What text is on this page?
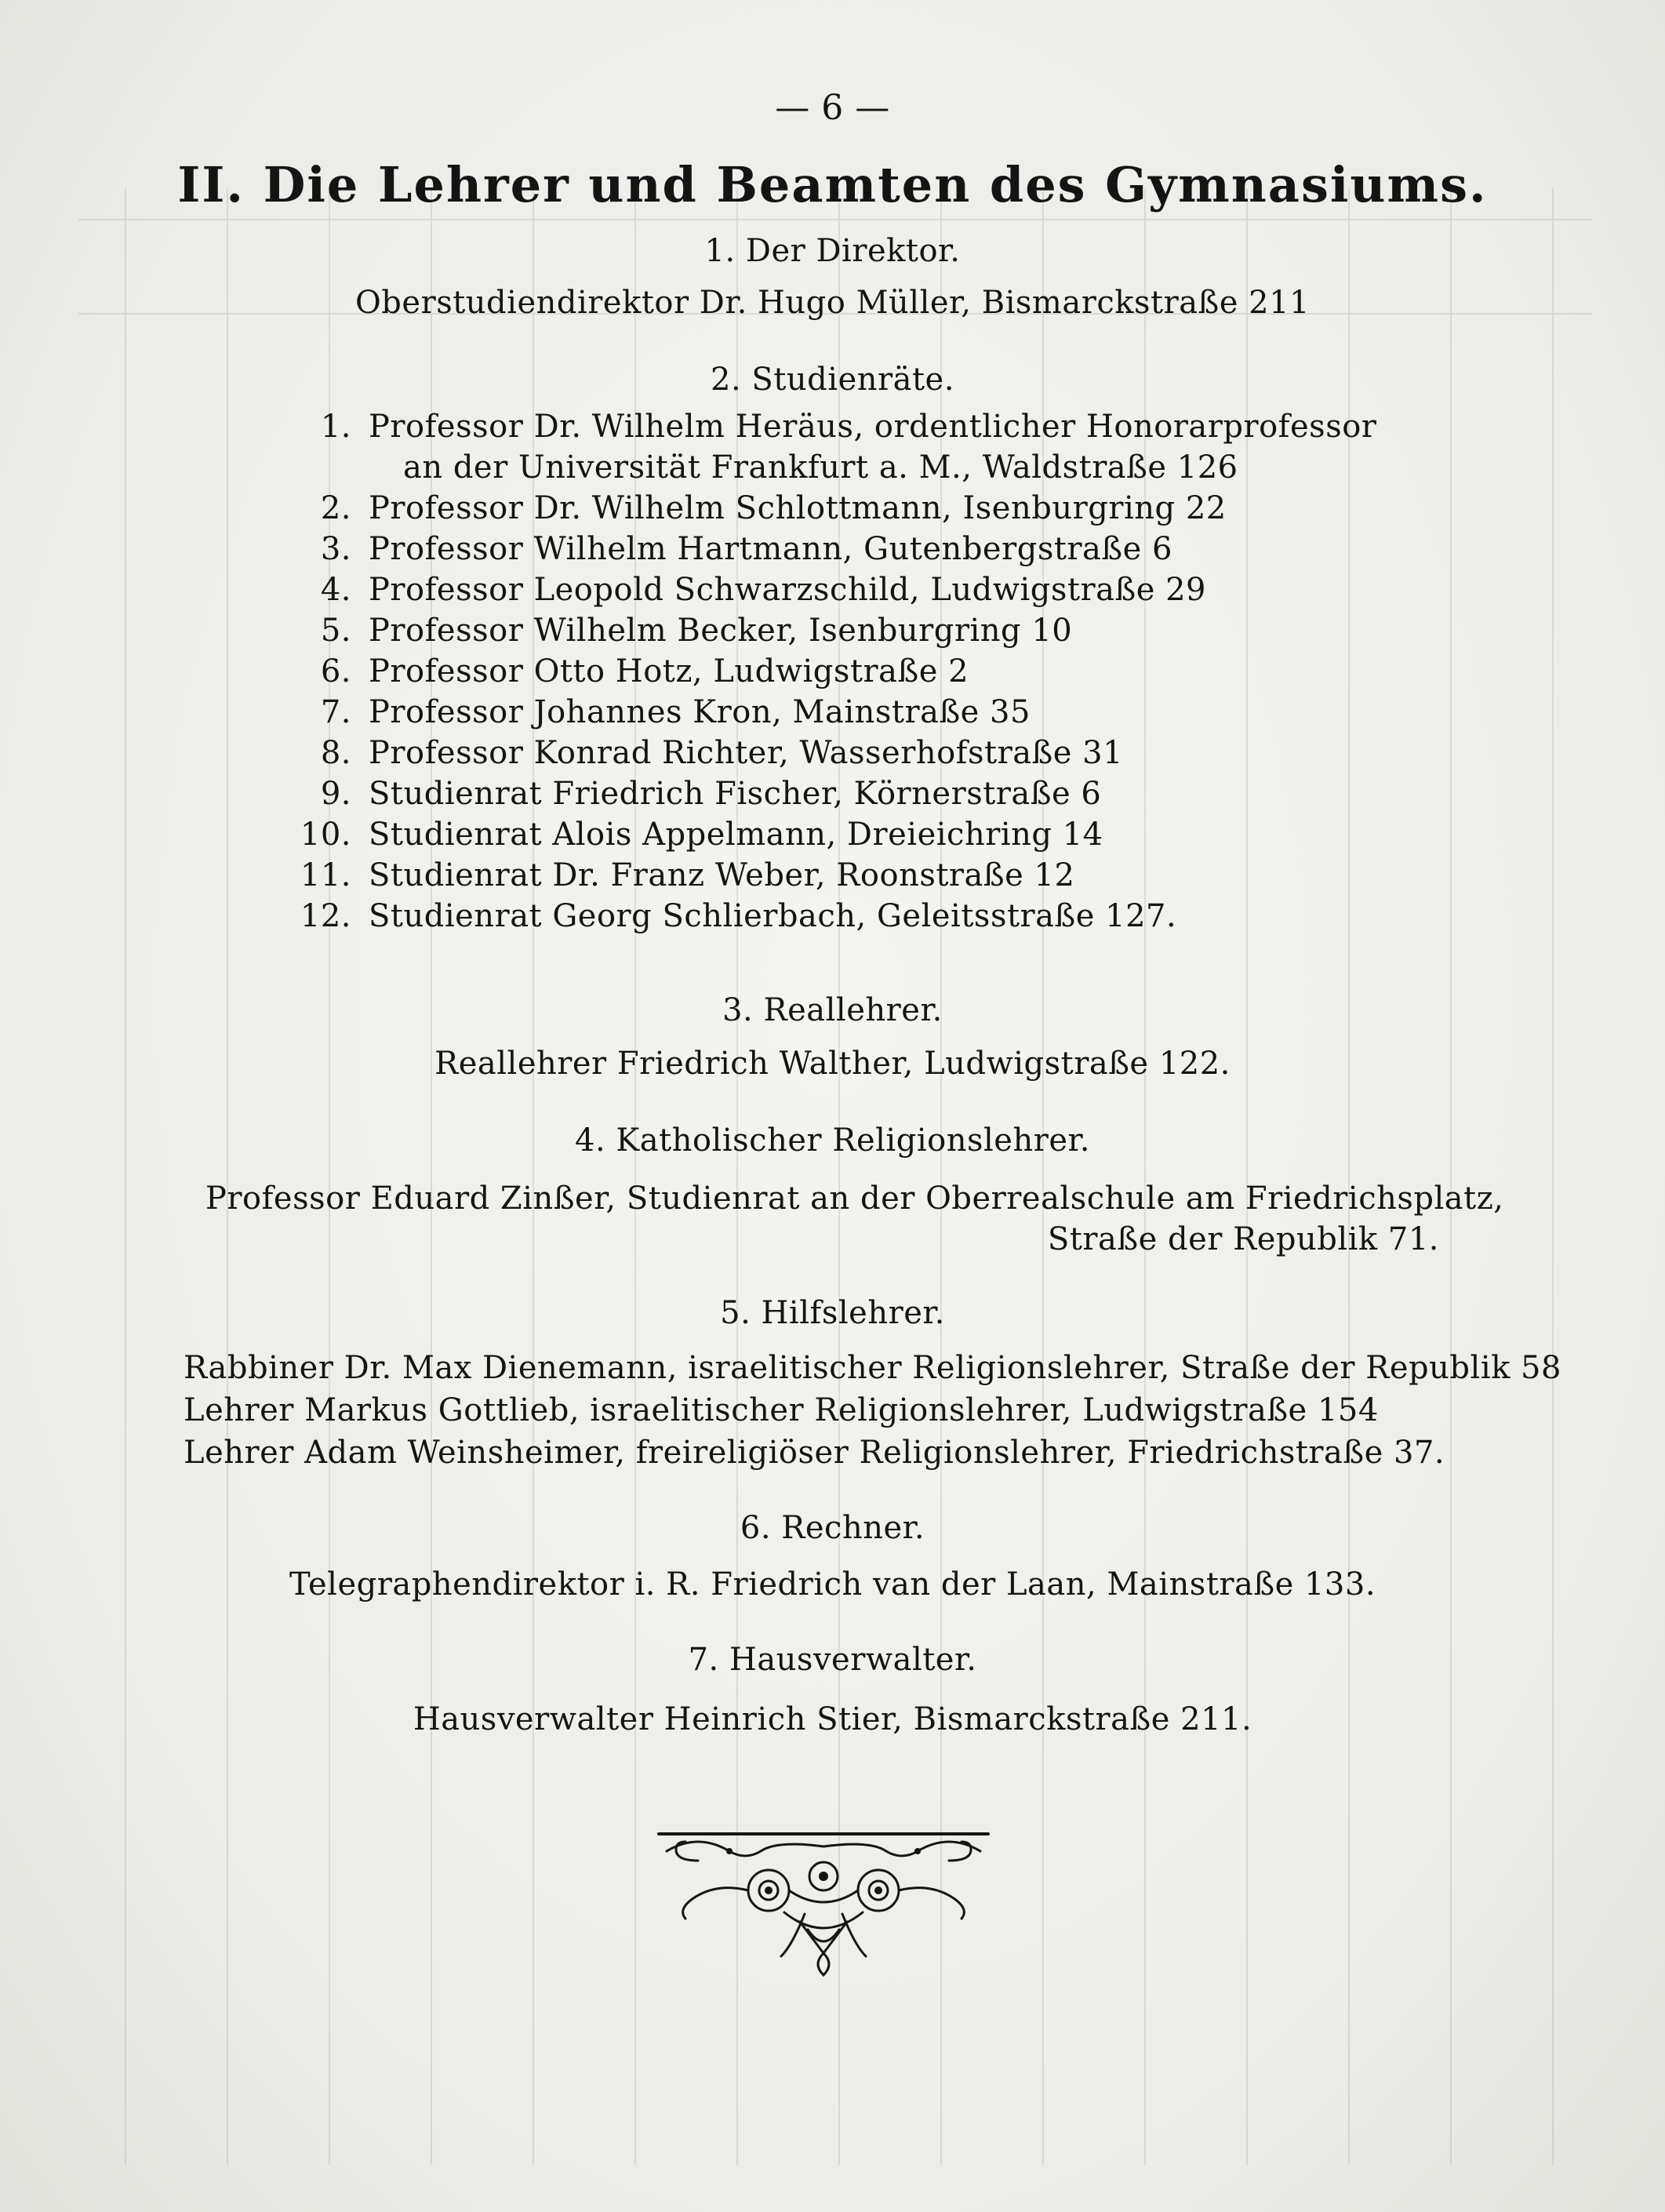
— 6 —
II. Die Lehrer und Beamten des Gymnasiums.
1. Der Direktor.
Oberstudiendirektor Dr. Hugo Müller, Bismarckstraße 211
2. Studienräte.
1. Professor Dr. Wilhelm Heräus, ordentlicher Honorarprofessor
an der Universität Frankfurt a. M., Waldstraße 126
2. Professor Dr. Wilhelm Schlottmann, Isenburgring 22
3. Professor Wilhelm Hartmann, Gutenbergstraße 6
4. Professor Leopold Schwarzschild, Ludwigstraße 29
5. Professor Wilhelm Becker, Isenburgring 10
6. Professor Otto Hotz, Ludwigstraße 2
7. Professor Johannes Kron, Mainstraße 35
8. Professor Konrad Richter, Wasserhofstraße 31
9. Studienrat Friedrich Fischer, Körnerstraße 6
10. Studienrat Alois Appelmann, Dreieichring 14
11. Studienrat Dr. Franz Weber, Roonstraße 12
12. Studienrat Georg Schlierbach, Geleitsstraße 127.
3. Reallehrer.
Reallehrer Friedrich Walther, Ludwigstraße 122.
4. Katholischer Religionslehrer.
Professor Eduard Zinßer, Studienrat an der Oberrealschule am Friedrichsplatz,
Straße der Republik 71.
5. Hilfslehrer.
Rabbiner Dr. Max Dienemann, israelitischer Religionslehrer, Straße der Republik 58
Lehrer Markus Gottlieb, israelitischer Religionslehrer, Ludwigstraße 154
Lehrer Adam Weinsheimer, freireligiöser Religionslehrer, Friedrichstraße 37.
6. Rechner.
Telegraphendirektor i. R. Friedrich van der Laan, Mainstraße 133.
7. Hausverwalter.
Hausverwalter Heinrich Stier, Bismarckstraße 211.
